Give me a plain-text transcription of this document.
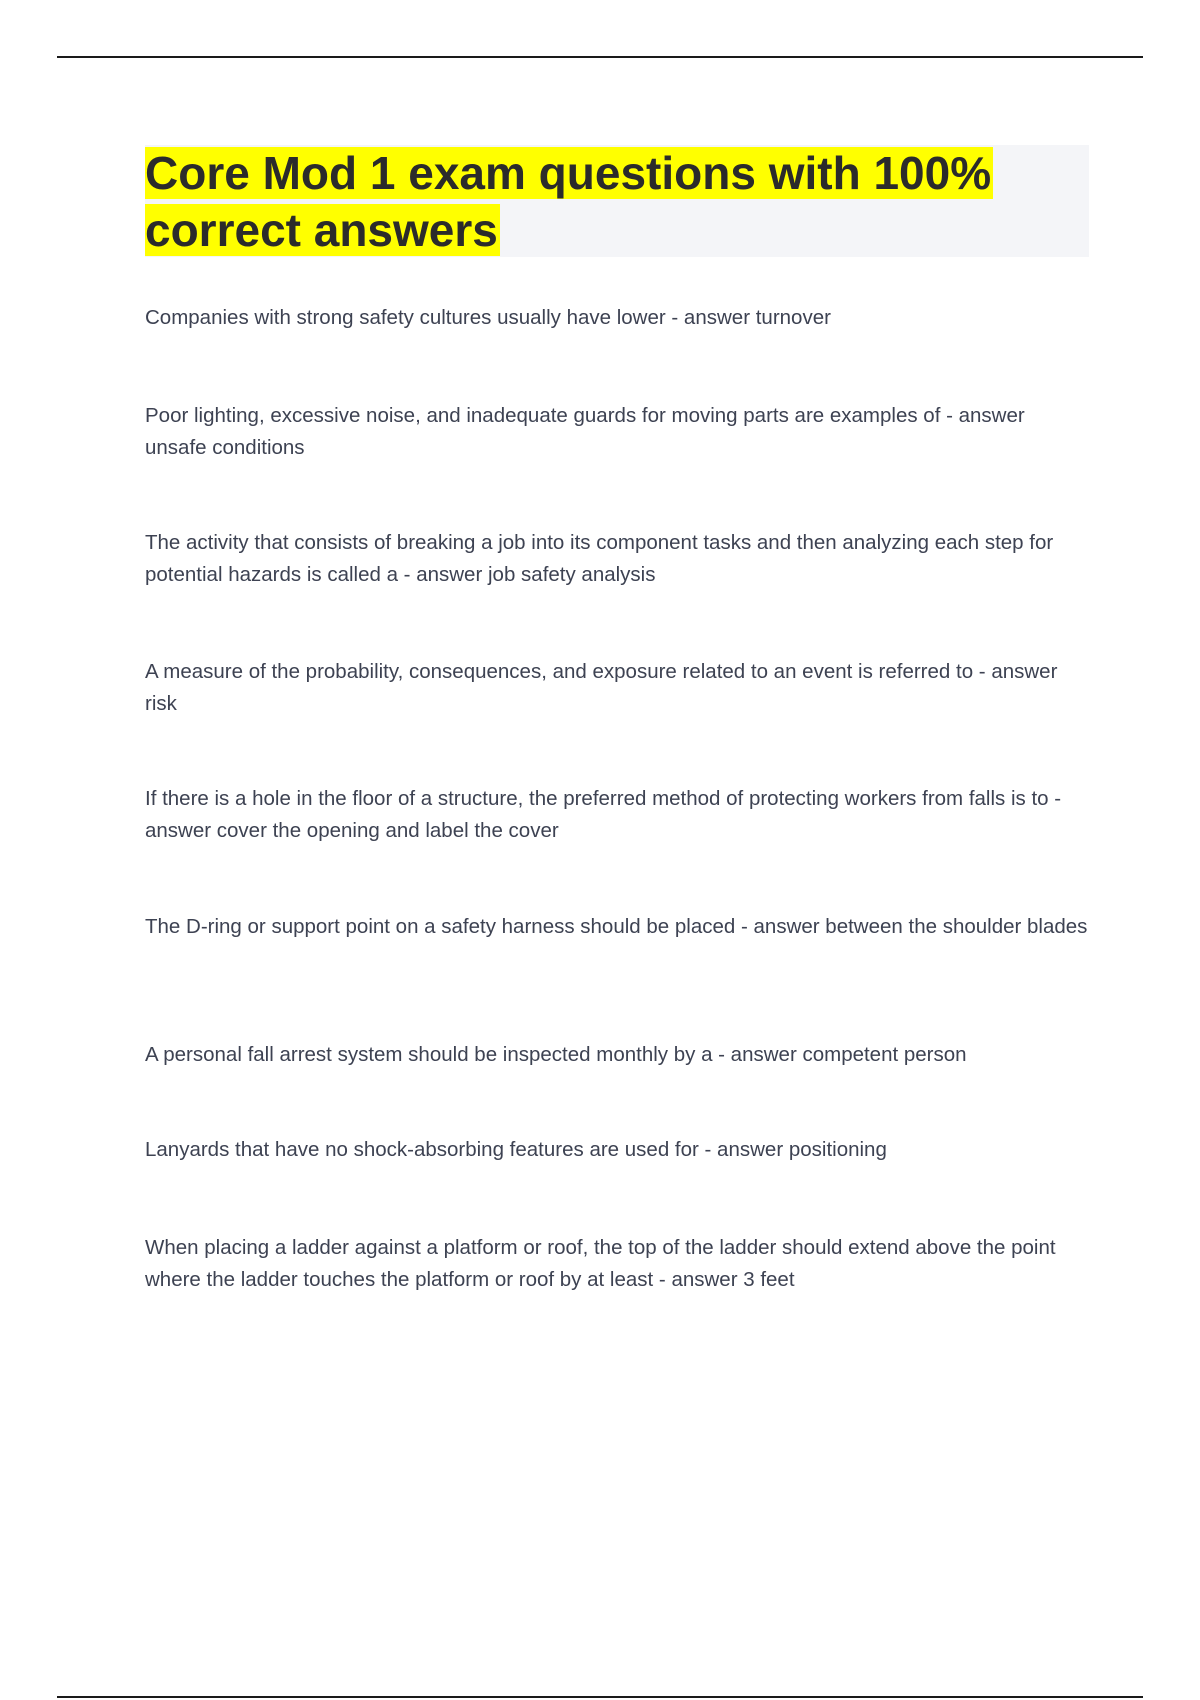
Core Mod 1 exam questions with 100% correct answers

Companies with strong safety cultures usually have lower - answer turnover

Poor lighting, excessive noise, and inadequate guards for moving parts are examples of - answer unsafe conditions

The activity that consists of breaking a job into its component tasks and then analyzing each step for potential hazards is called a - answer job safety analysis

A measure of the probability, consequences, and exposure related to an event is referred to - answer risk

If there is a hole in the floor of a structure, the preferred method of protecting workers from falls is to - answer cover the opening and label the cover

The D-ring or support point on a safety harness should be placed - answer between the shoulder blades

A personal fall arrest system should be inspected monthly by a - answer competent person

Lanyards that have no shock-absorbing features are used for - answer positioning

When placing a ladder against a platform or roof, the top of the ladder should extend above the point where the ladder touches the platform or roof by at least - answer 3 feet
